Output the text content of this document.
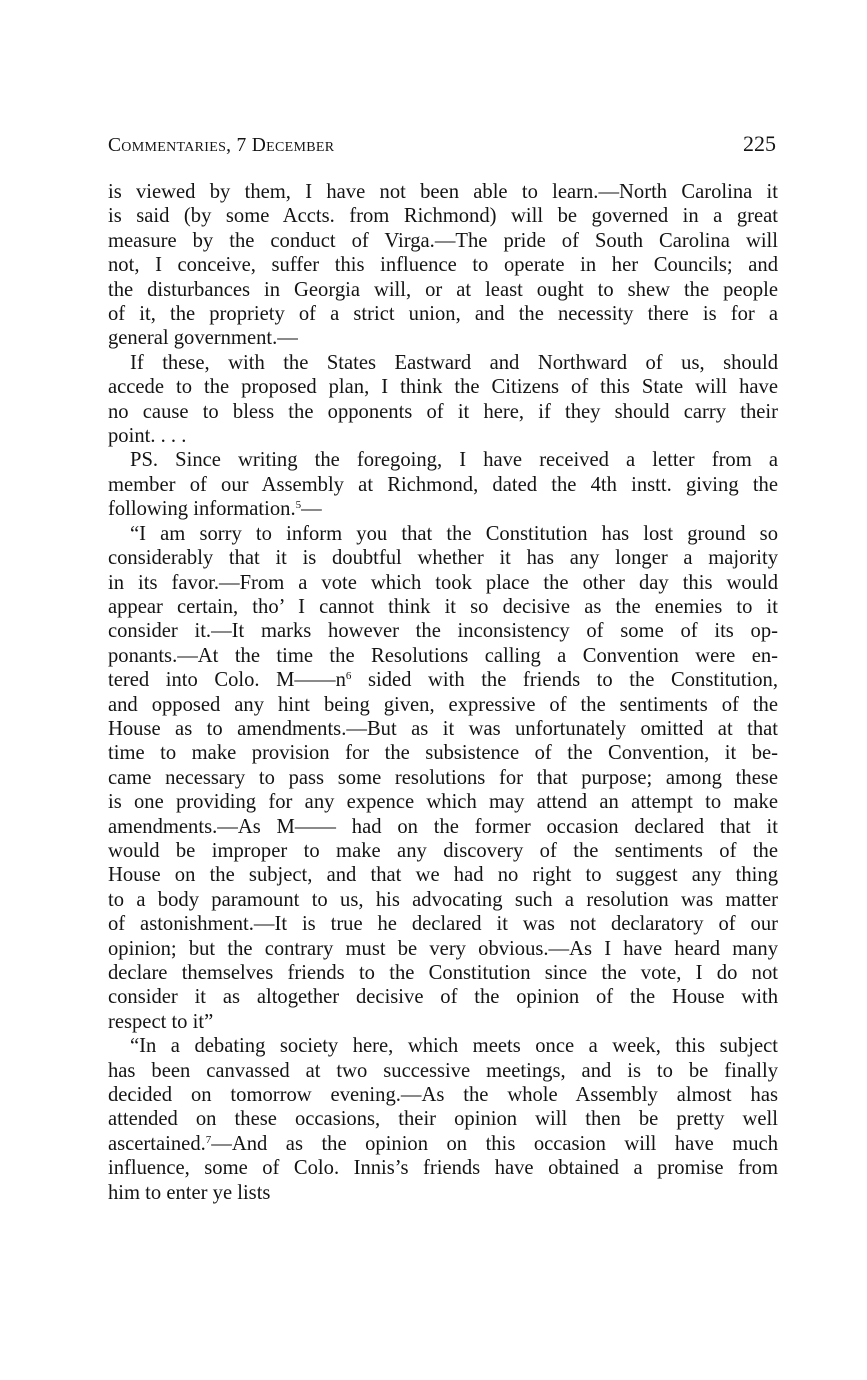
Commentaries, 7 December	225
is viewed by them, I have not been able to learn.—North Carolina it
is said (by some Accts. from Richmond) will be governed in a great
measure by the conduct of Virga.—The pride of South Carolina will
not, I conceive, suffer this influence to operate in her Councils; and
the disturbances in Georgia will, or at least ought to shew the people
of it, the propriety of a strict union, and the necessity there is for a
general government.—
If these, with the States Eastward and Northward of us, should
accede to the proposed plan, I think the Citizens of this State will have
no cause to bless the opponents of it here, if they should carry their
point. . . .
PS. Since writing the foregoing, I have received a letter from a
member of our Assembly at Richmond, dated the 4th instt. giving the
following information.$^5$—
“I am sorry to inform you that the Constitution has lost ground so
considerably that it is doubtful whether it has any longer a majority
in its favor.—From a vote which took place the other day this would
appear certain, tho’ I cannot think it so decisive as the enemies to it
consider it.—It marks however the inconsistency of some of its op-
ponants.—At the time the Resolutions calling a Convention were en-
tered into Colo. $M——n^6$ sided with the friends to the Constitution,
and opposed any hint being given, expressive of the sentiments of the
House as to amendments.—But as it was unfortunately omitted at that
time to make provision for the subsistence of the Convention, it be-
came necessary to pass some resolutions for that purpose; among these
is one providing for any expence which may attend an attempt to make
amendments.—As M—— had on the former occasion declared that it
would be improper to make any discovery of the sentiments of the
House on the subject, and that we had no right to suggest any thing
to a body paramount to us, his advocating such a resolution was matter
of astonishment.—It is true he declared it was not declaratory of our
opinion; but the contrary must be very obvious.—As I have heard many
declare themselves friends to the Constitution since the vote, I do not
consider it as altogether decisive of the opinion of the House with
respect to it”
“In a debating society here, which meets once a week, this subject
has been canvassed at two successive meetings, and is to be finally
decided on tomorrow evening.—As the whole Assembly almost has
attended on these occasions, their opinion will then be pretty well
ascertained.$^7$—And as the opinion on this occasion will have much
influence, some of Colo. Innis’s friends have obtained a promise from
him to enter ye lists
